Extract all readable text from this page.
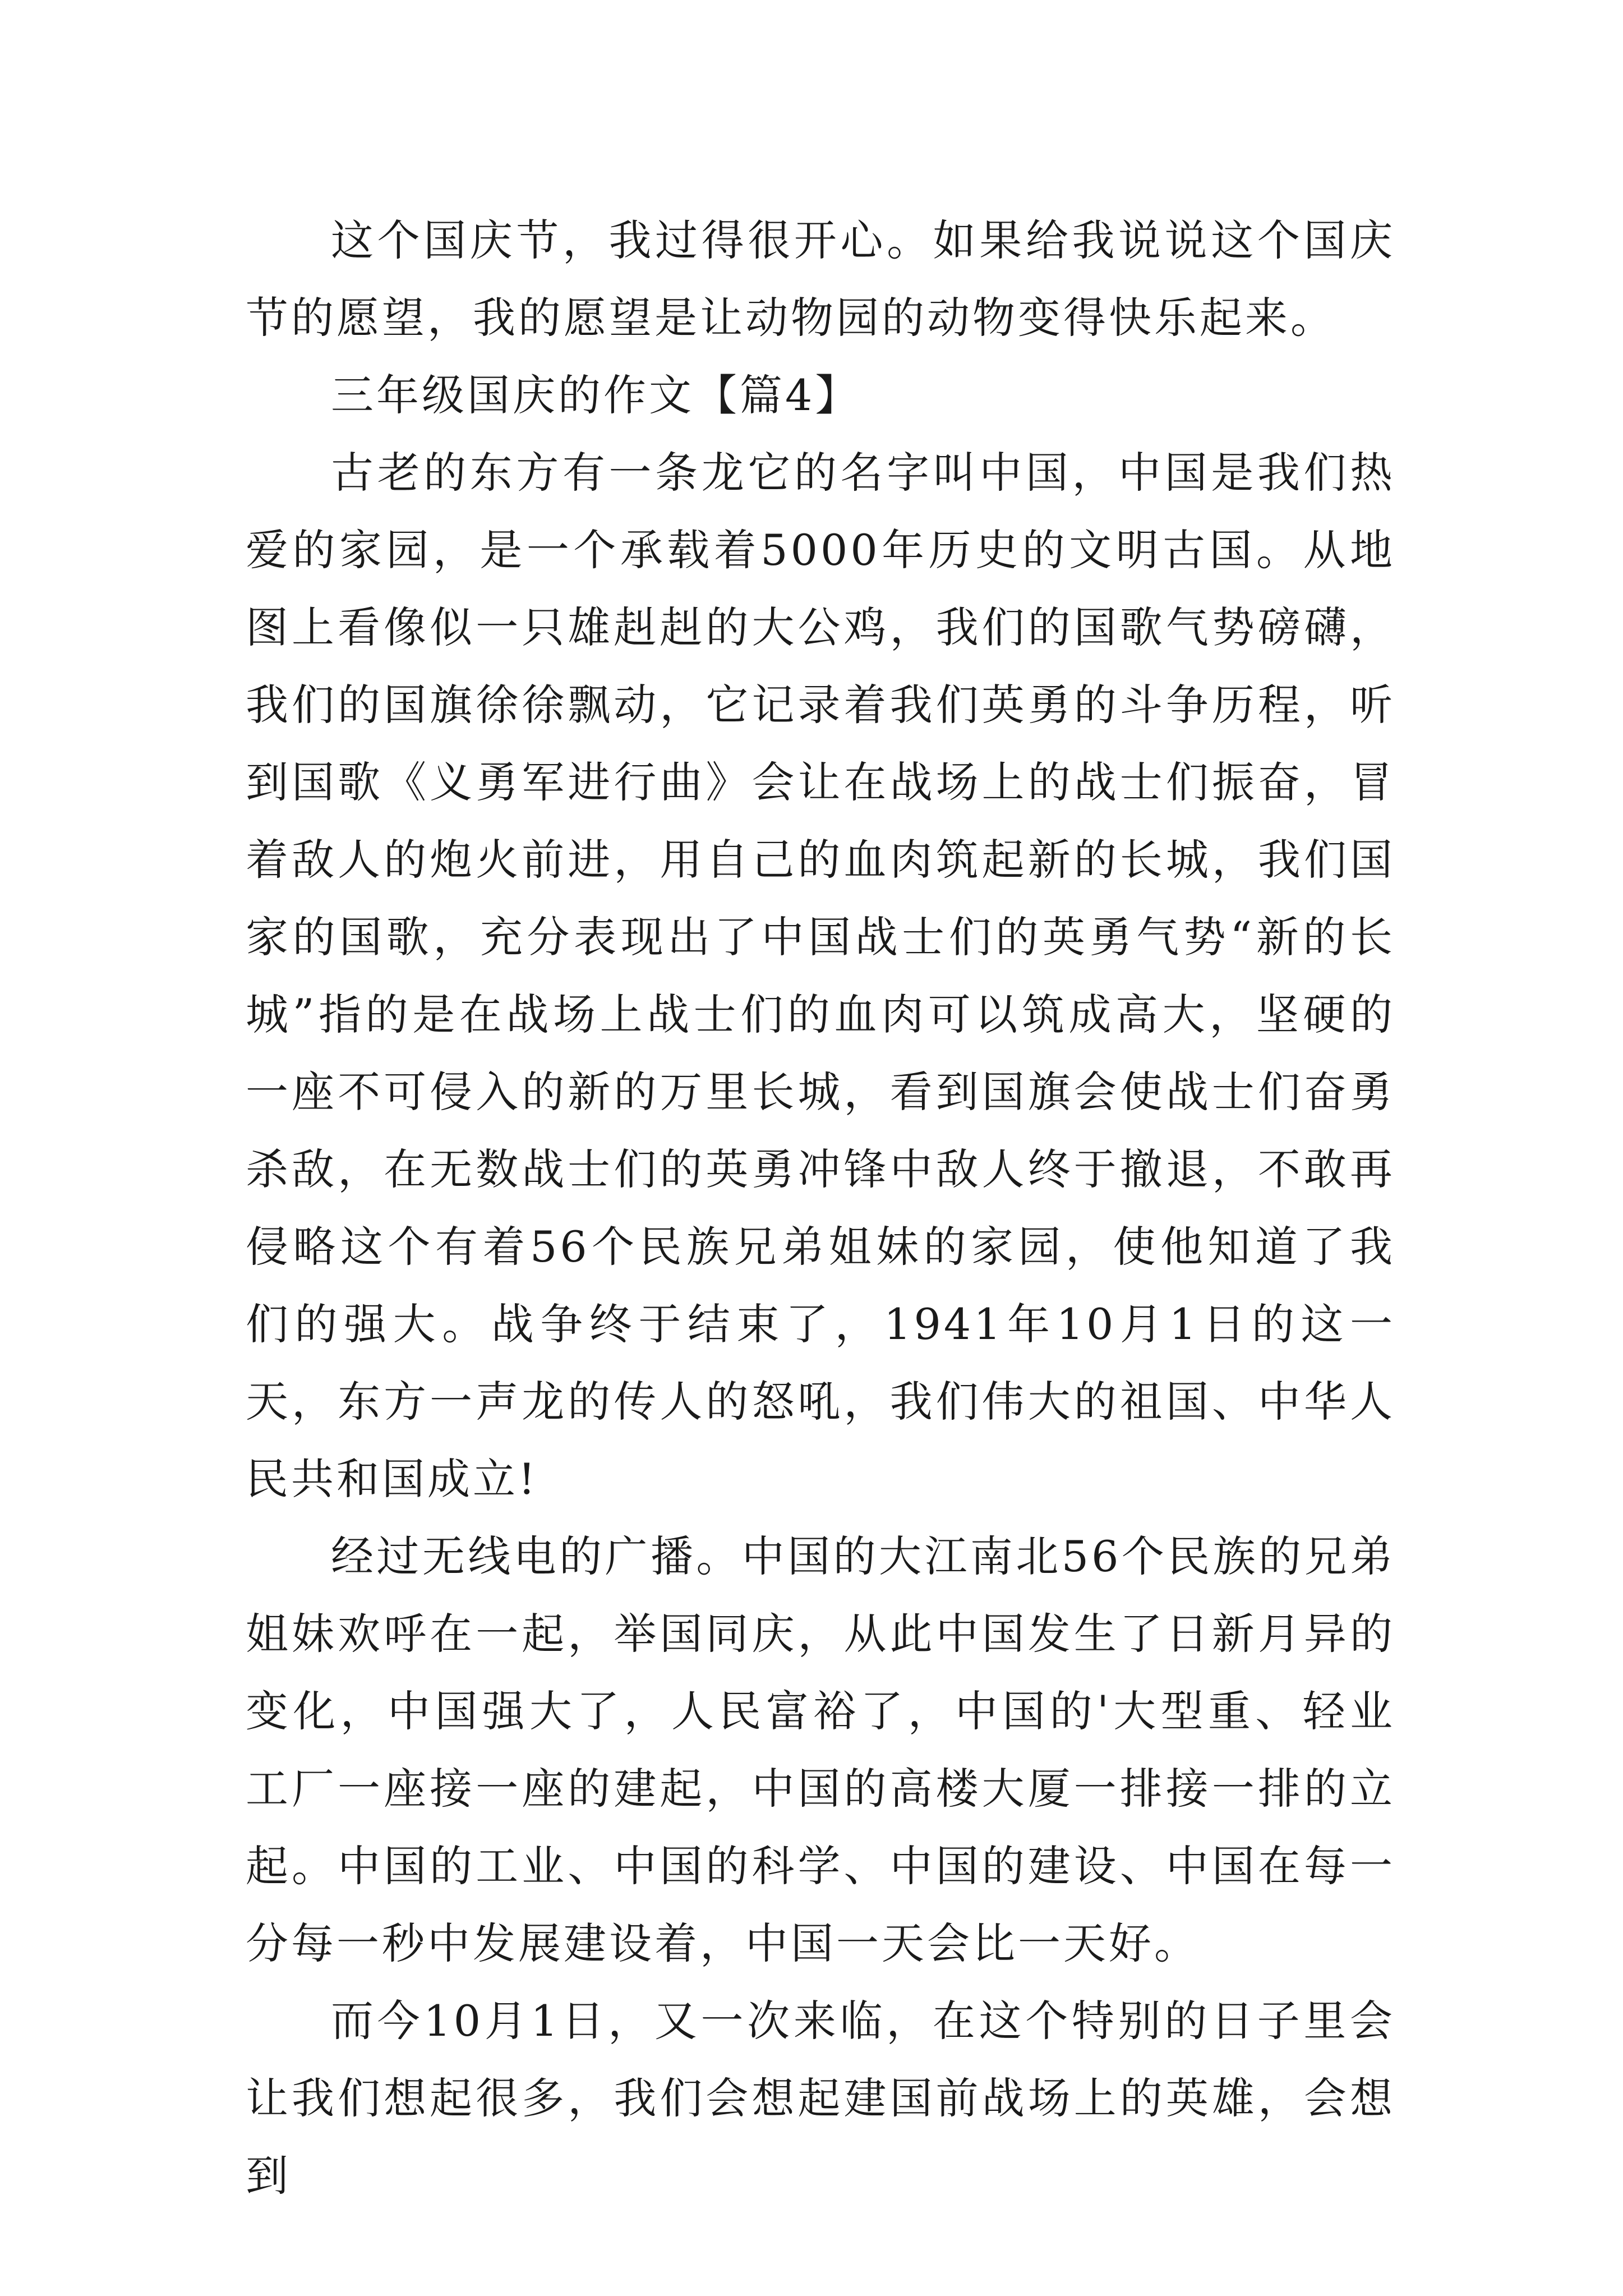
这个国庆节，我过得很开心。如果给我说说这个国庆节的愿望，我的愿望是让动物园的动物变得快乐起来。

三年级国庆的作文【篇4】

古老的东方有一条龙它的名字叫中国，中国是我们热爱的家园，是一个承载着5000年历史的文明古国。从地图上看像似一只雄赳赳的大公鸡，我们的国歌气势磅礴，我们的国旗徐徐飘动，它记录着我们英勇的斗争历程，听到国歌《义勇军进行曲》会让在战场上的战士们振奋，冒着敌人的炮火前进，用自己的血肉筑起新的长城，我们国家的国歌，充分表现出了中国战士们的英勇气势“新的长城”指的是在战场上战士们的血肉可以筑成高大，坚硬的一座不可侵入的新的万里长城，看到国旗会使战士们奋勇杀敌，在无数战士们的英勇冲锋中敌人终于撤退，不敢再侵略这个有着56个民族兄弟姐妹的家园，使他知道了我们的强大。战争终于结束了，1941年10月1日的这一天，东方一声龙的传人的怒吼，我们伟大的祖国、中华人民共和国成立!

经过无线电的广播。中国的大江南北56个民族的兄弟姐妹欢呼在一起，举国同庆，从此中国发生了日新月异的变化，中国强大了，人民富裕了，中国的'大型重、轻业工厂一座接一座的建起，中国的高楼大厦一排接一排的立起。中国的工业、中国的科学、中国的建设、中国在每一分每一秒中发展建设着，中国一天会比一天好。

而今10月1日，又一次来临，在这个特别的日子里会让我们想起很多，我们会想起建国前战场上的英雄，会想到
